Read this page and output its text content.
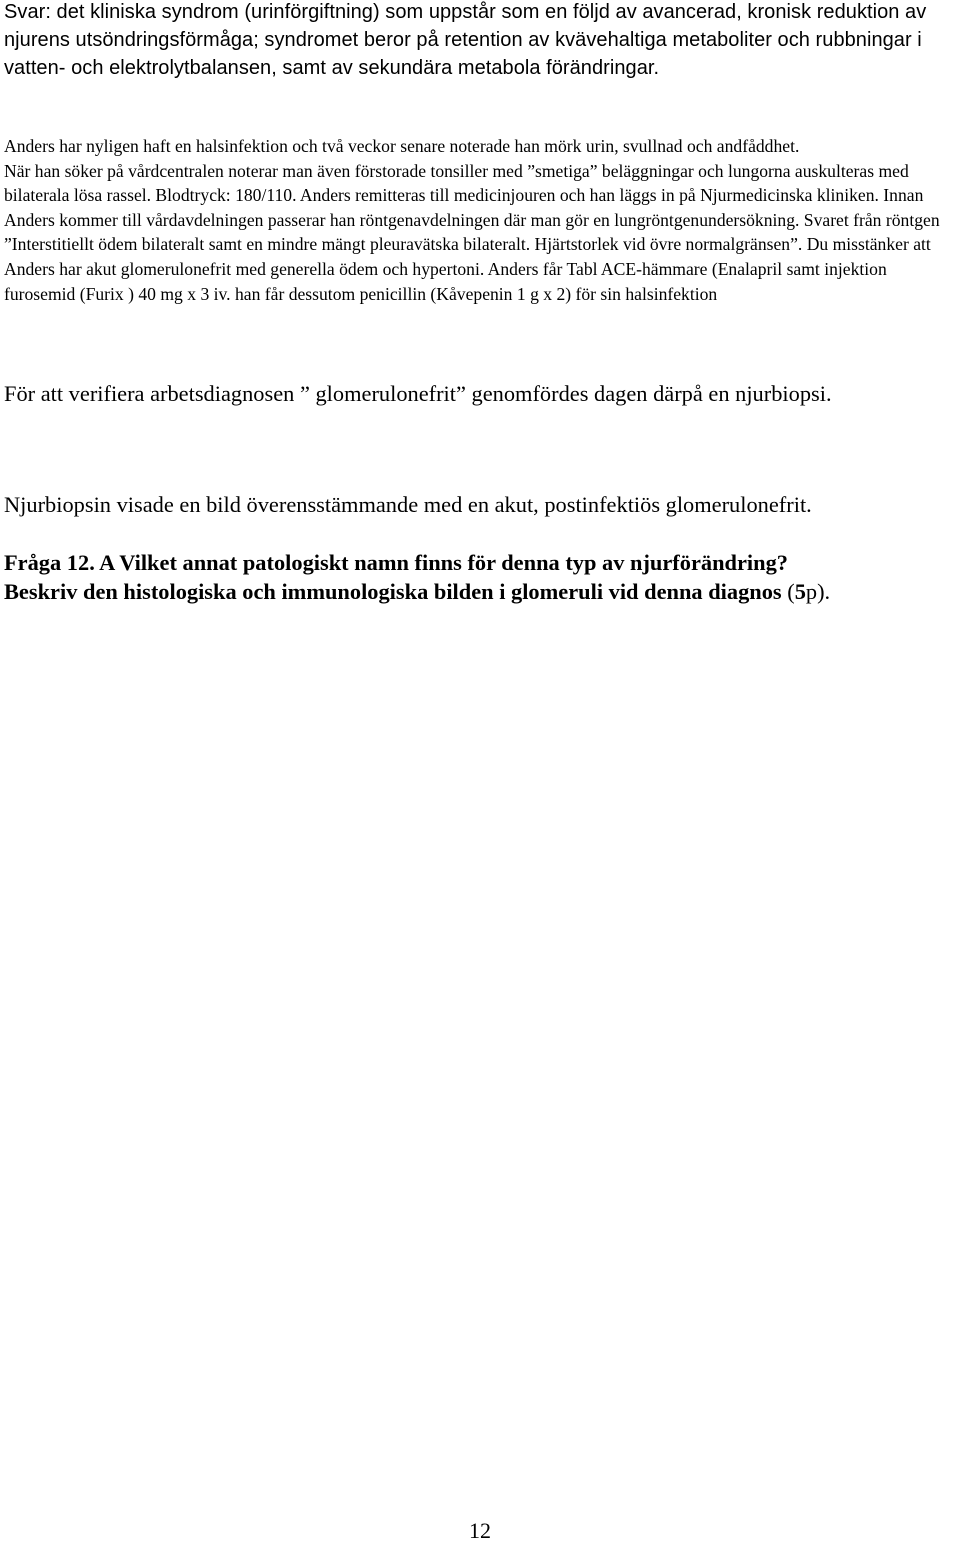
Svar: det kliniska syndrom (urinförgiftning) som uppstår som en följd av avancerad, kronisk reduktion av njurens utsöndringsförmåga; syndromet beror på retention av kvävehaltiga metaboliter och rubbningar i vatten- och elektrolytbalansen, samt av sekundära metabola förändringar.

Anders har nyligen haft en halsinfektion och två veckor senare noterade han mörk urin, svullnad och andfåddhet.
När han söker på vårdcentralen noterar man även förstorade tonsiller med ”smetiga” beläggningar och lungorna auskulteras med bilaterala lösa rassel. Blodtryck: 180/110. Anders remitteras till medicinjouren och han läggs in på Njurmedicinska kliniken. Innan Anders kommer till vårdavdelningen passerar han röntgenavdelningen där man gör en lungröntgenundersökning. Svaret från röntgen ”Interstitiellt ödem bilateralt samt en mindre mängt pleuravätska bilateralt. Hjärtstorlek vid övre normalgränsen”. Du misstänker att Anders har akut glomerulonefrit med generella ödem och hypertoni. Anders får Tabl ACE-hämmare (Enalapril samt injektion furosemid (Furix ) 40 mg x 3 iv. han får dessutom penicillin (Kåvepenin 1 g x 2) för sin halsinfektion

För att verifiera arbetsdiagnosen ” glomerulonefrit” genomfördes dagen därpå en njurbiopsi.

Njurbiopsin visade en bild överensstämmande med en akut, postinfektiös glomerulonefrit.

Fråga 12. A Vilket annat patologiskt namn finns för denna typ av njurförändring?
Beskriv den histologiska och immunologiska bilden i glomeruli vid denna diagnos (5p).

12
